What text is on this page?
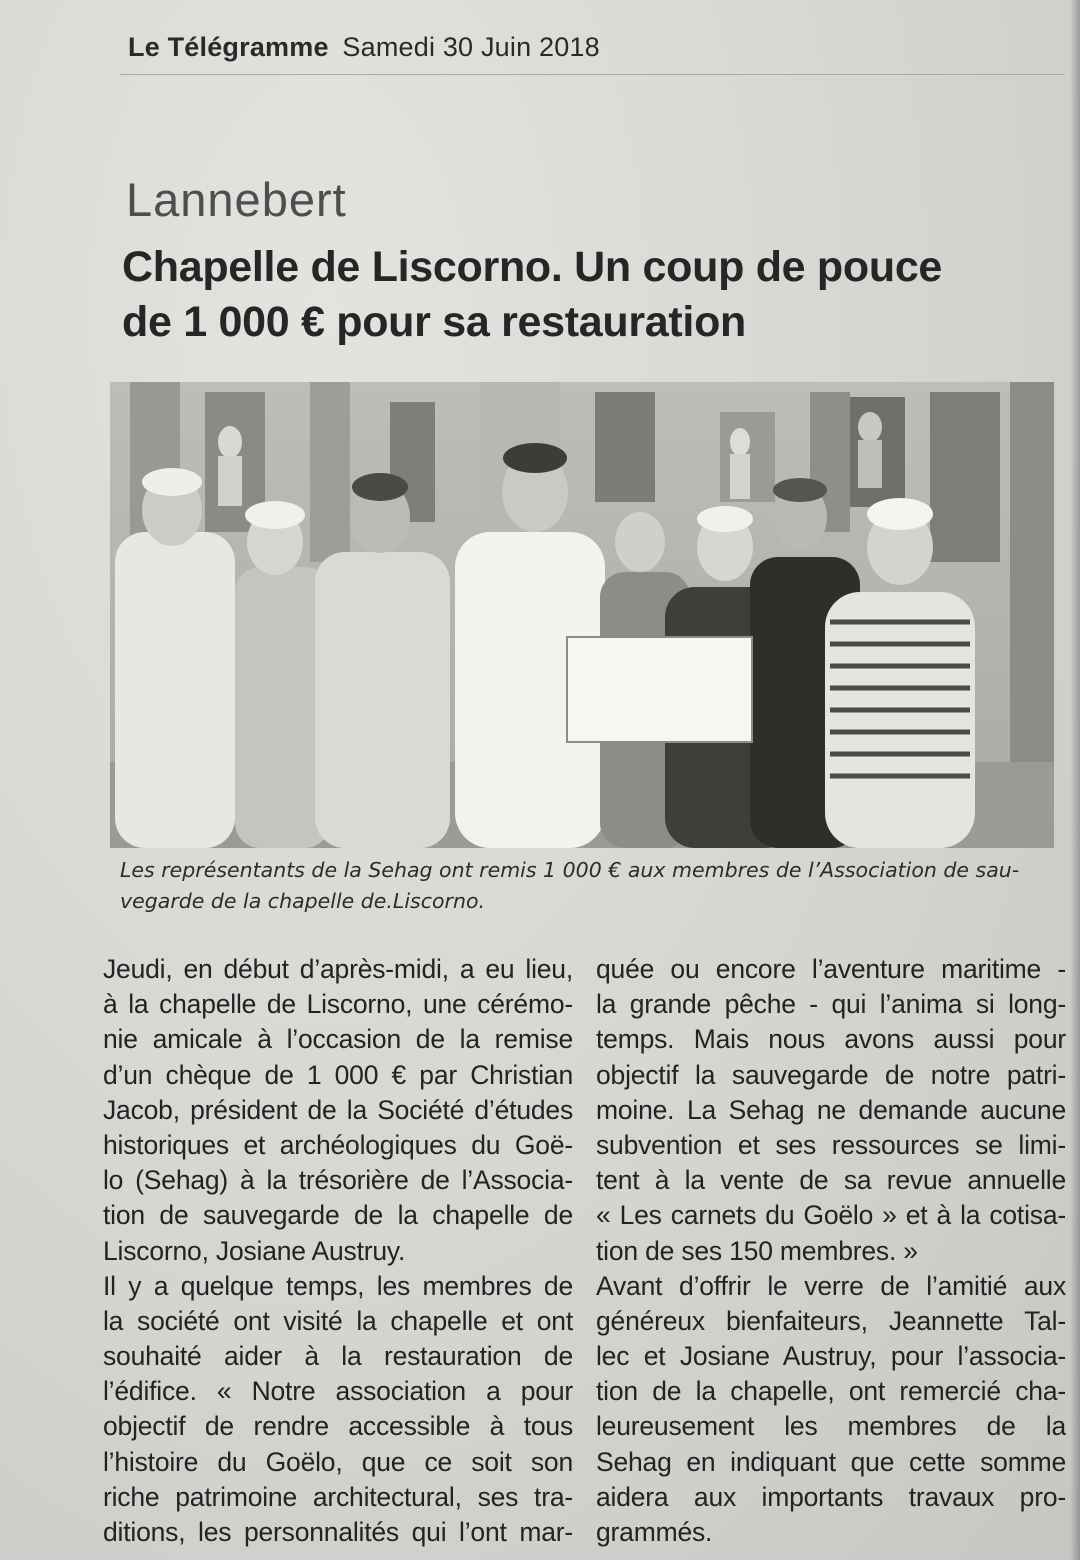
Le Télégramme Samedi 30 Juin 2018
Lannebert
Chapelle de Liscorno. Un coup de pouce
de 1 000 € pour sa restauration
Les représentants de la Sehag ont remis 1 000 € aux membres de l’Association de sau-
vegarde de la chapelle de.Liscorno.
Jeudi, en début d’après-midi, a eu lieu,
à la chapelle de Liscorno, une cérémo-
nie amicale à l’occasion de la remise
d’un chèque de 1 000 € par Christian
Jacob, président de la Société d’études
historiques et archéologiques du Goë-
lo (Sehag) à la trésorière de l’Associa-
tion de sauvegarde de la chapelle de
Liscorno, Josiane Austruy.
Il y a quelque temps, les membres de
la société ont visité la chapelle et ont
souhaité aider à la restauration de
l’édifice. « Notre association a pour
objectif de rendre accessible à tous
l’histoire du Goëlo, que ce soit son
riche patrimoine architectural, ses tra-
ditions, les personnalités qui l’ont mar-
quée ou encore l’aventure maritime -
la grande pêche - qui l’anima si long-
temps. Mais nous avons aussi pour
objectif la sauvegarde de notre patri-
moine. La Sehag ne demande aucune
subvention et ses ressources se limi-
tent à la vente de sa revue annuelle
« Les carnets du Goëlo » et à la cotisa-
tion de ses 150 membres. »
Avant d’offrir le verre de l’amitié aux
généreux bienfaiteurs, Jeannette Tal-
lec et Josiane Austruy, pour l’associa-
tion de la chapelle, ont remercié cha-
leureusement les membres de la
Sehag en indiquant que cette somme
aidera aux importants travaux pro-
grammés.
